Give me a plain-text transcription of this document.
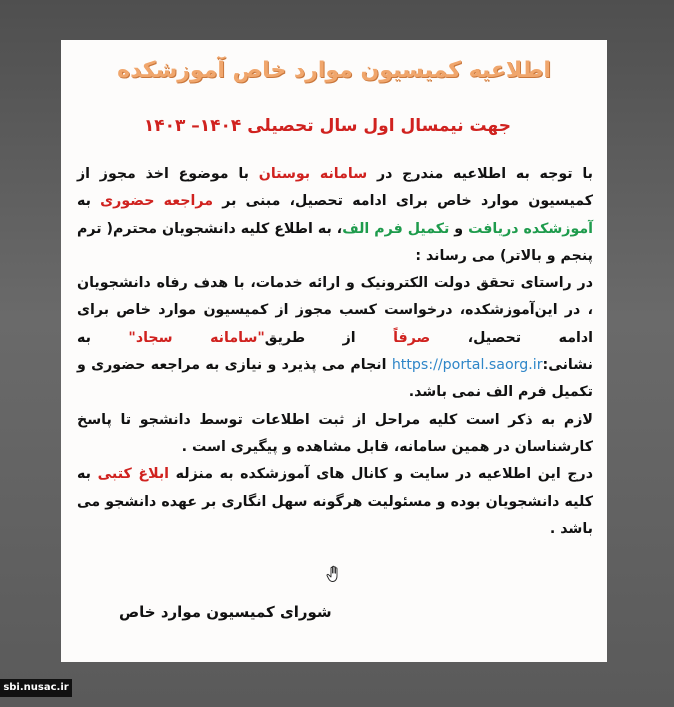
اطلاعیه کمیسیون موارد خاص آموزشکده
جهت نیمسال اول سال تحصیلی ۱۴۰۴– ۱۴۰۳

با توجه به اطلاعیه مندرج در سامانه بوستان با موضوع اخذ مجوز از کمیسیون موارد خاص برای ادامه تحصیل، مبنی بر مراجعه حضوری به آموزشکده دریافت و تکمیل فرم الف، به اطلاع کلیه دانشجویان محترم( ترم پنجم و بالاتر) می رساند :

در راستای تحقق دولت الکترونیک و ارائه خدمات، با هدف رفاه دانشجویان ، در این‌آموزشکده، درخواست کسب مجوز از کمیسیون موارد خاص برای ادامه تحصیل، صرفاً از طریق"سامانه سجاد" به نشانی:https://portal.saorg.ir انجام می پذیرد و نیازی به مراجعه حضوری و تکمیل فرم الف نمی باشد.

لازم به ذکر است کلیه مراحل از ثبت اطلاعات توسط دانشجو تا پاسخ کارشناسان در همین سامانه، قابل مشاهده و پیگیری است .

درج این اطلاعیه در سایت و کانال های آموزشکده به منزله ابلاغ کتبی به کلیه دانشجویان بوده و مسئولیت هرگونه سهل انگاری بر عهده دانشجو می باشد .

شورای کمیسیون موارد خاص

sbi.nusac.ir
